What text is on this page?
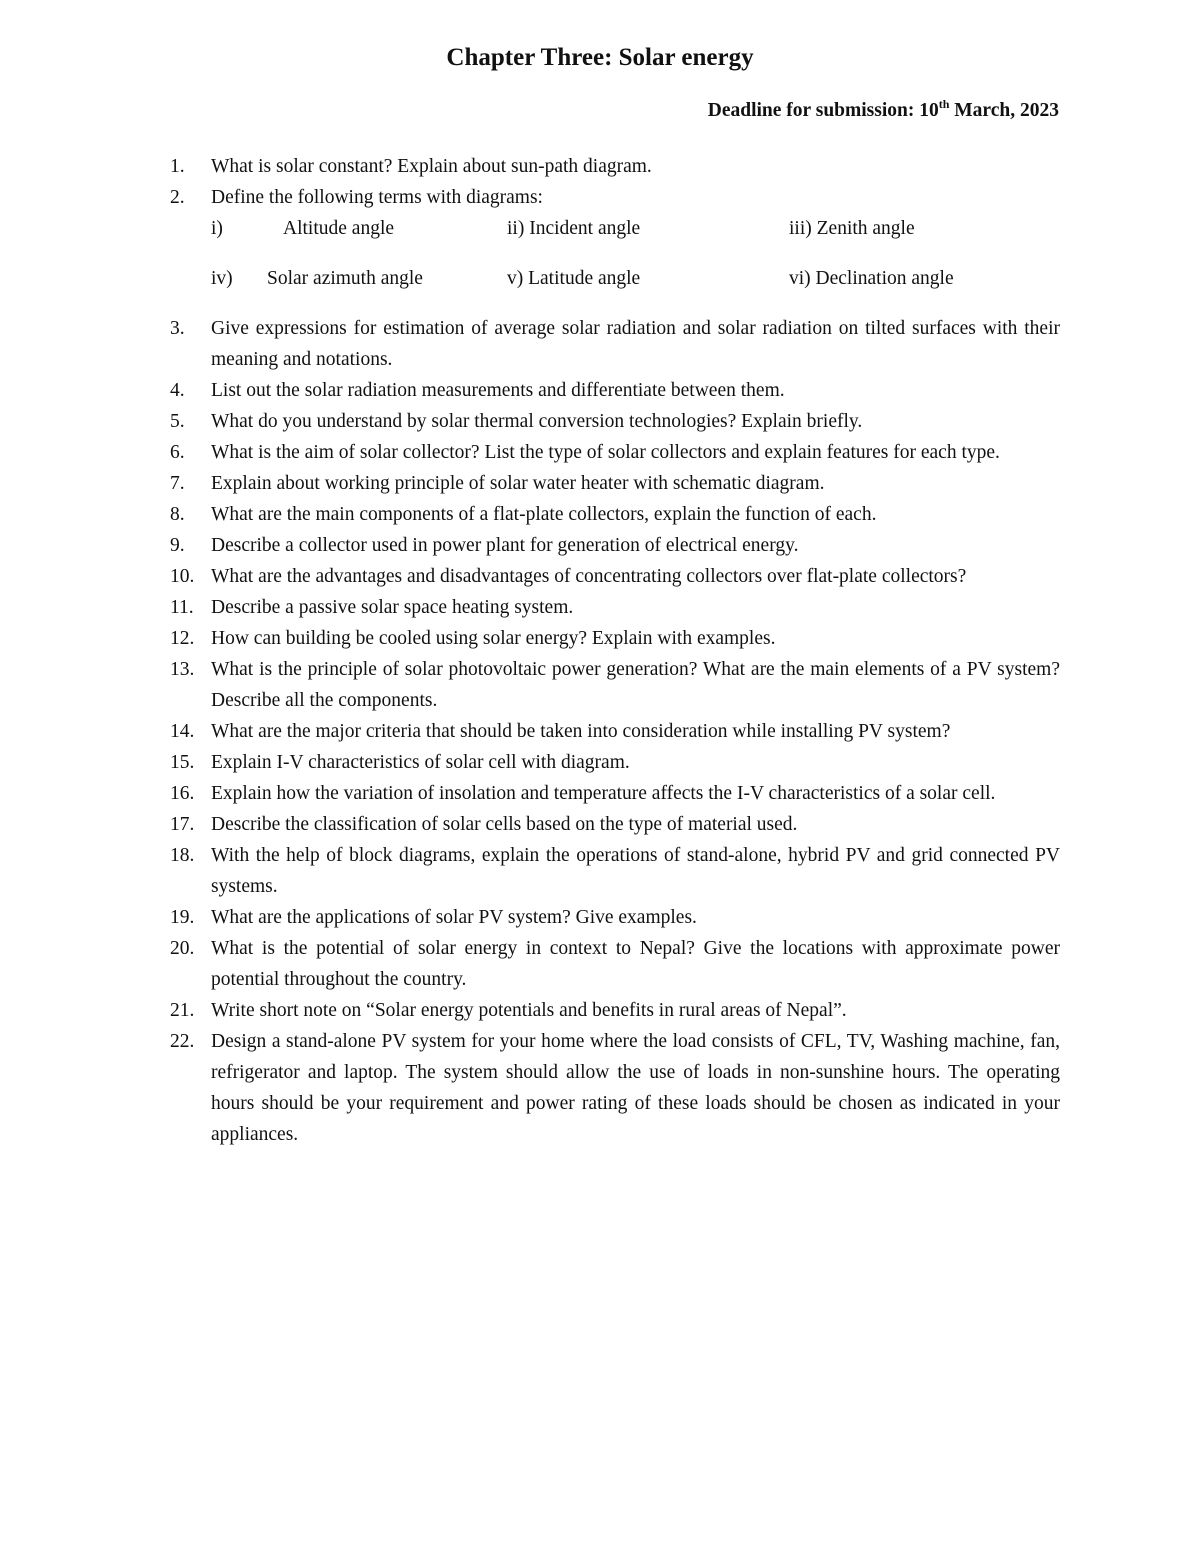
Chapter Three: Solar energy
Deadline for submission: 10th March, 2023
1.	What is solar constant? Explain about sun-path diagram.
2.	Define the following terms with diagrams:
i)	Altitude angle	ii) Incident angle	iii) Zenith angle
iv) Solar azimuth angle	v) Latitude angle	vi) Declination angle
3.	Give expressions for estimation of average solar radiation and solar radiation on tilted surfaces with their meaning and notations.
4.	List out the solar radiation measurements and differentiate between them.
5.	What do you understand by solar thermal conversion technologies? Explain briefly.
6.	What is the aim of solar collector? List the type of solar collectors and explain features for each type.
7.	Explain about working principle of solar water heater with schematic diagram.
8.	What are the main components of a flat-plate collectors, explain the function of each.
9.	Describe a collector used in power plant for generation of electrical energy.
10. What are the advantages and disadvantages of concentrating collectors over flat-plate collectors?
11. Describe a passive solar space heating system.
12. How can building be cooled using solar energy? Explain with examples.
13. What is the principle of solar photovoltaic power generation? What are the main elements of a PV system? Describe all the components.
14. What are the major criteria that should be taken into consideration while installing PV system?
15. Explain I-V characteristics of solar cell with diagram.
16. Explain how the variation of insolation and temperature affects the I-V characteristics of a solar cell.
17. Describe the classification of solar cells based on the type of material used.
18. With the help of block diagrams, explain the operations of stand-alone, hybrid PV and grid connected PV systems.
19. What are the applications of solar PV system? Give examples.
20. What is the potential of solar energy in context to Nepal? Give the locations with approximate power potential throughout the country.
21. Write short note on “Solar energy potentials and benefits in rural areas of Nepal”.
22. Design a stand-alone PV system for your home where the load consists of CFL, TV, Washing machine, fan, refrigerator and laptop. The system should allow the use of loads in non-sunshine hours. The operating hours should be your requirement and power rating of these loads should be chosen as indicated in your appliances.
